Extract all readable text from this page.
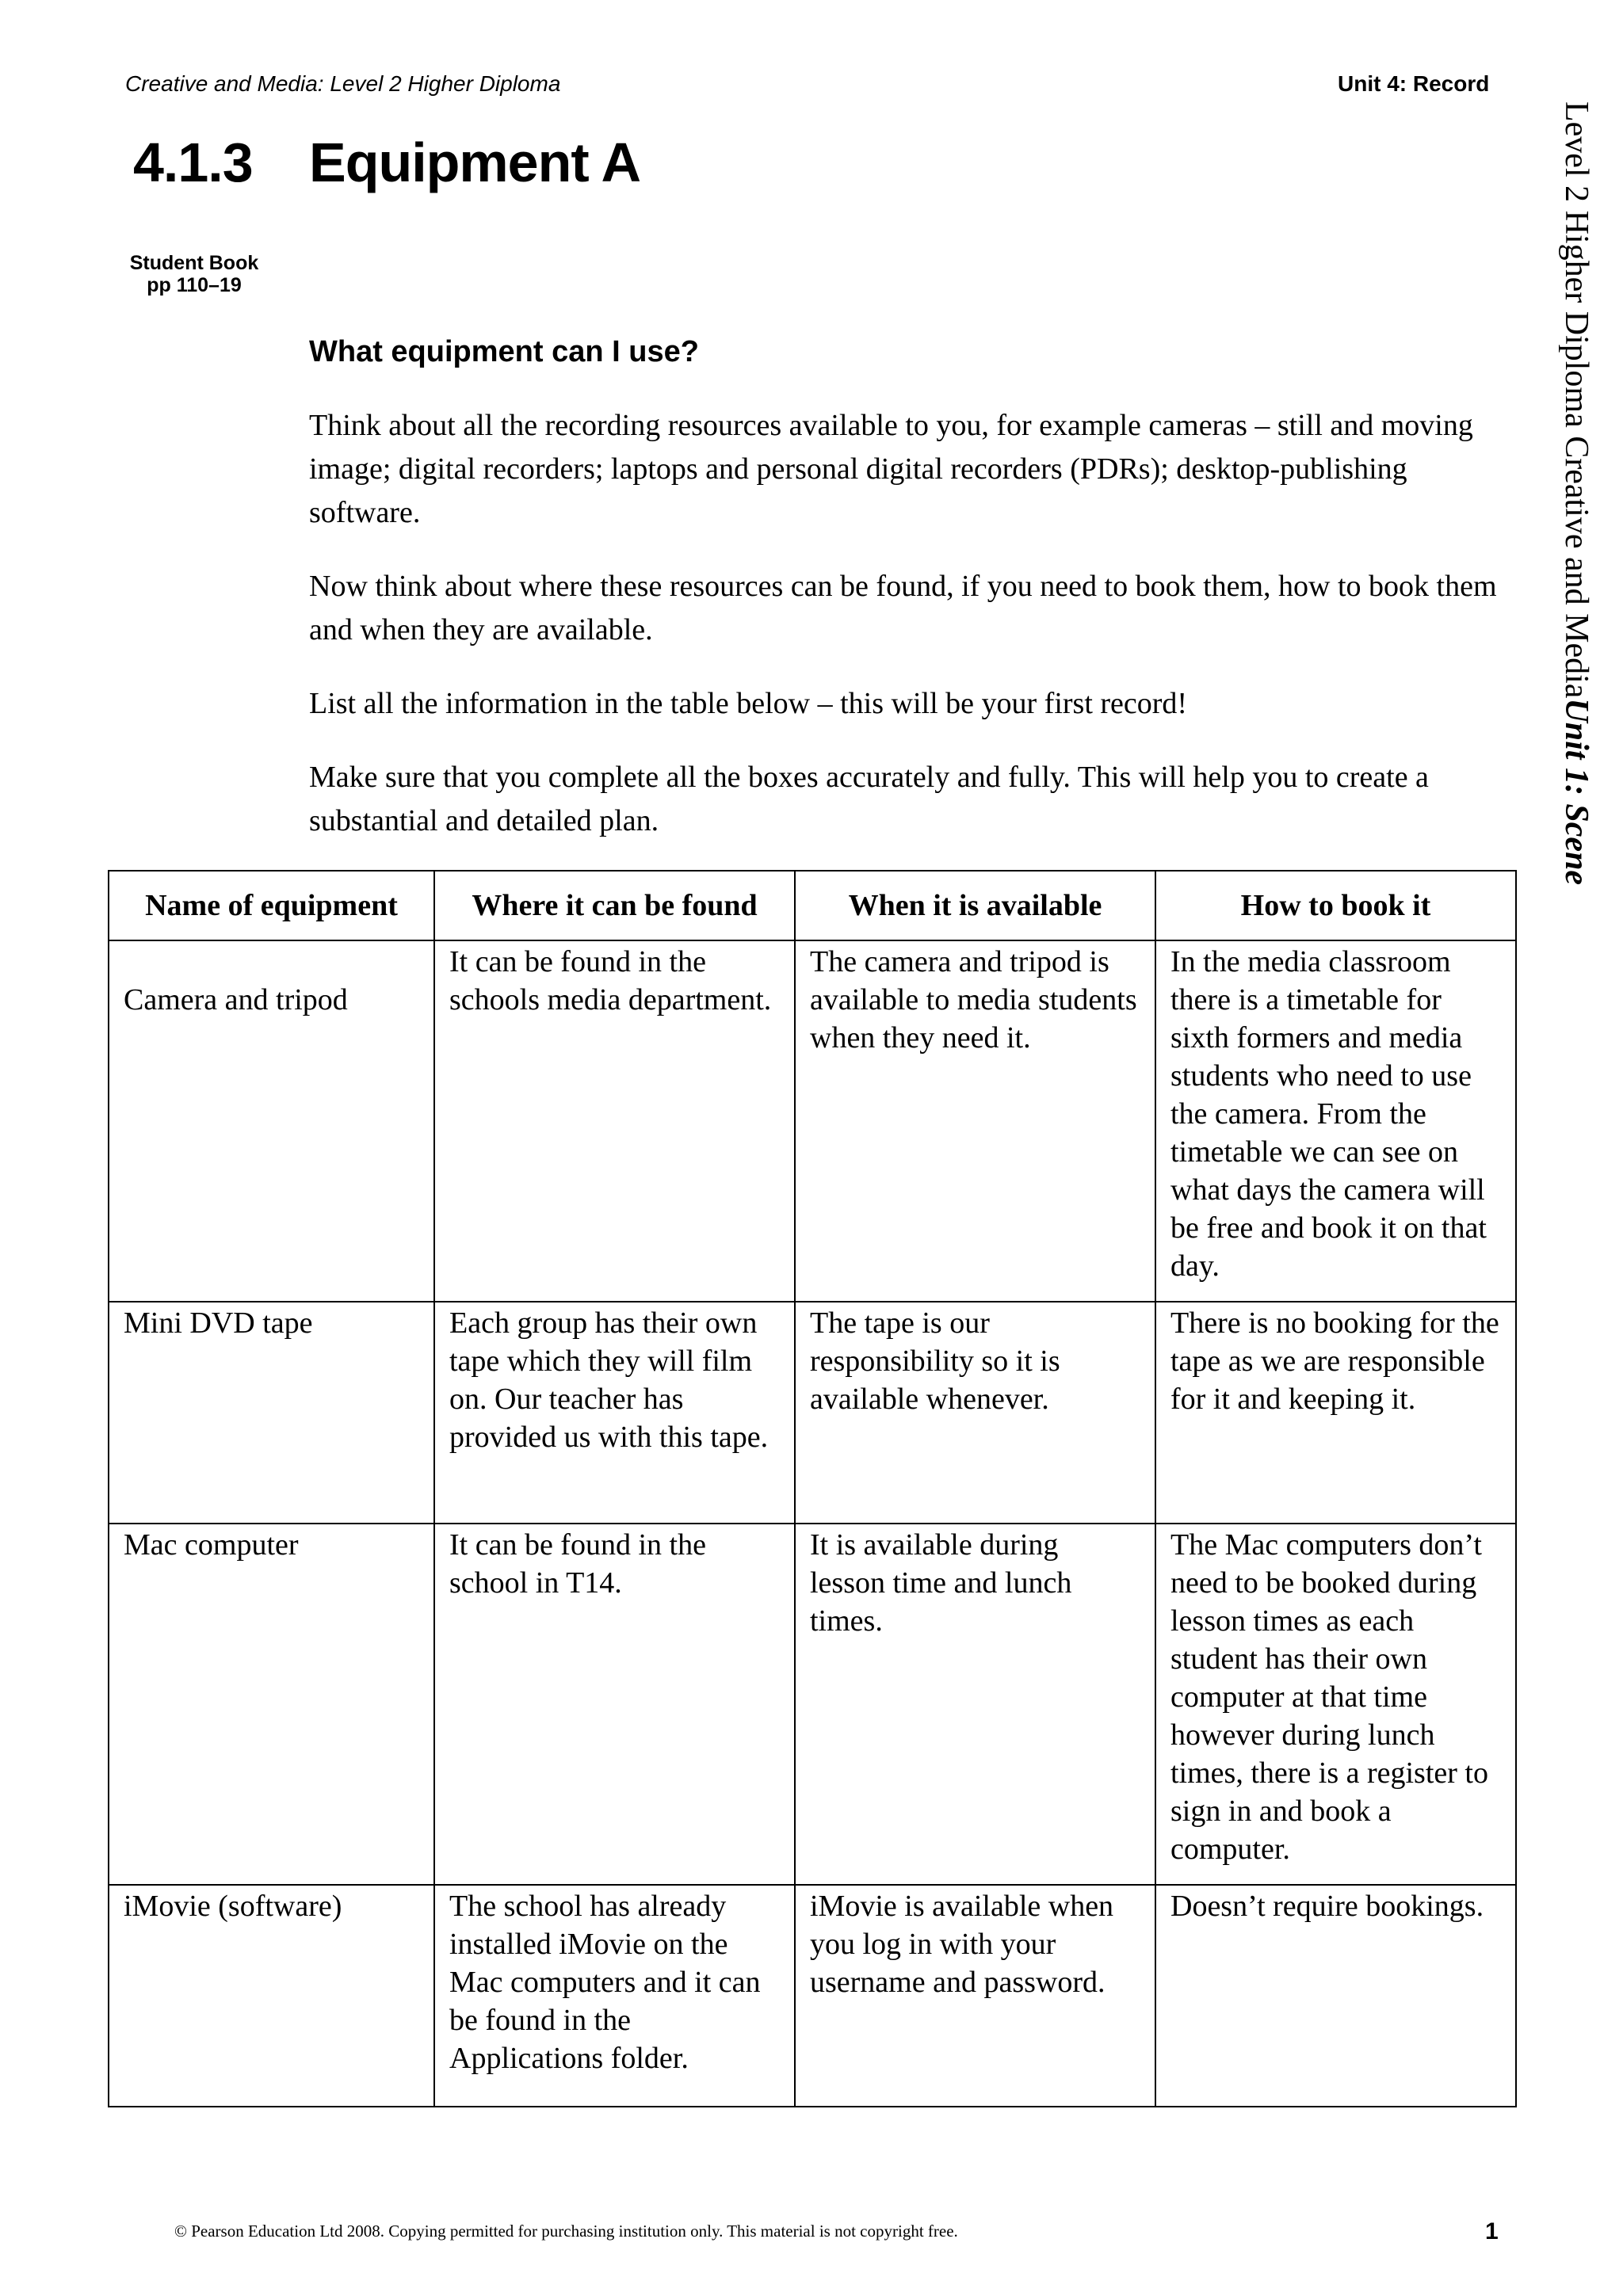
Creative and Media: Level 2 Higher Diploma	Unit 4: Record
4.1.3 Equipment A
Student Book
pp 110–19	Level 2 Higher Diploma Creative and MediaUnit 1: Scene
What equipment can I use?

Think about all the recording resources available to you, for example cameras – still and moving image; digital recorders; laptops and personal digital recorders (PDRs); desktop-publishing software.

Now think about where these resources can be found, if you need to book them, how to book them and when they are available.

List all the information in the table below – this will be your first record!

Make sure that you complete all the boxes accurately and fully. This will help you to create a substantial and detailed plan.

Name of equipment	Where it can be found	When it is available	How to book it
Camera and tripod	It can be found in the schools media department.	The camera and tripod is available to media students when they need it.	In the media classroom there is a timetable for sixth formers and media students who need to use the camera. From the timetable we can see on what days the camera will be free and book it on that day.
Mini DVD tape	Each group has their own tape which they will film on. Our teacher has provided us with this tape.	The tape is our responsibility so it is available whenever.	There is no booking for the tape as we are responsible for it and keeping it.
Mac computer	It can be found in the school in T14.	It is available during lesson time and lunch times.	The Mac computers don’t need to be booked during lesson times as each student has their own computer at that time however during lunch times, there is a register to sign in and book a computer.
iMovie (software)	The school has already installed iMovie on the Mac computers and it can be found in the Applications folder.	iMovie is available when you log in with your username and password.	Doesn’t require bookings.
© Pearson Education Ltd 2008. Copying permitted for purchasing institution only. This material is not copyright free.	1
